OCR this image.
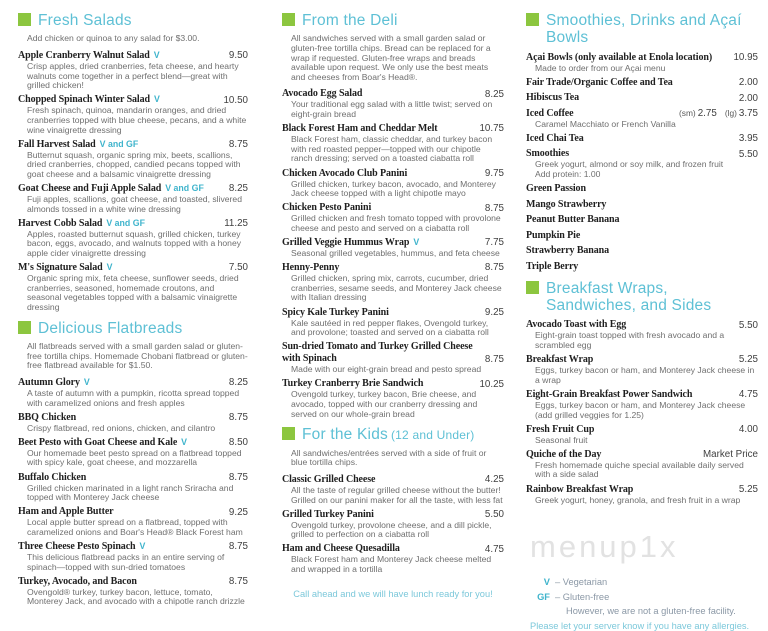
Fresh Salads
Add chicken or quinoa to any salad for $3.00.
Apple Cranberry Walnut Salad V	9.50
Crisp apples, dried cranberries, feta cheese, and hearty walnuts come together in a perfect blend—great with grilled chicken!
Chopped Spinach Winter Salad V	10.50
Fresh spinach, quinoa, mandarin oranges, and dried cranberries topped with blue cheese, pecans, and a white wine vinaigrette dressing
Fall Harvest Salad V and GF	8.75
Butternut squash, organic spring mix, beets, scallions, dried cranberries, chopped, candied pecans topped with goat cheese and a balsamic vinaigrette dressing
Goat Cheese and Fuji Apple Salad V and GF	8.25
Fuji apples, scallions, goat cheese, and toasted, slivered almonds tossed in a white wine dressing
Harvest Cobb Salad V and GF	11.25
Apples, roasted butternut squash, grilled chicken, turkey bacon, eggs, avocado, and walnuts topped with a honey apple cider vinaigrette dressing
M's Signature Salad V	7.50
Organic spring mix, feta cheese, sunflower seeds, dried cranberries, seasoned, homemade croutons, and seasonal vegetables topped with a balsamic vinaigrette dressing
Delicious Flatbreads
All flatbreads served with a small garden salad or gluten-free tortilla chips. Homemade Chobani flatbread or gluten-free flatbread available for $1.50.
Autumn Glory V	8.25
A taste of autumn with a pumpkin, ricotta spread topped with caramelized onions and fresh apples
BBQ Chicken	8.75
Crispy flatbread, red onions, chicken, and cilantro
Beet Pesto with Goat Cheese and Kale V	8.50
Our homemade beet pesto spread on a flatbread topped with spicy kale, goat cheese, and mozzarella
Buffalo Chicken	8.75
Grilled chicken marinated in a light ranch Sriracha and topped with Monterey Jack cheese
Ham and Apple Butter	9.25
Local apple butter spread on a flatbread, topped with caramelized onions and Boar's Head® Black Forest ham
Three Cheese Pesto Spinach V	8.75
This delicious flatbread packs in an entire serving of spinach—topped with sun-dried tomatoes
Turkey, Avocado, and Bacon	8.75
Ovengold® turkey, turkey bacon, lettuce, tomato, Monterey Jack, and avocado with a chipotle ranch drizzle
From the Deli
All sandwiches served with a small garden salad or gluten-free tortilla chips. Bread can be replaced for a wrap if requested. Gluten-free wraps and breads available upon request. We only use the best meats and cheeses from Boar's Head®.
Avocado Egg Salad	8.25
Your traditional egg salad with a little twist; served on eight-grain bread
Black Forest Ham and Cheddar Melt	10.75
Black Forest ham, classic cheddar, and turkey bacon with red roasted pepper—topped with our chipotle ranch dressing; served on a toasted ciabatta roll
Chicken Avocado Club Panini	9.75
Grilled chicken, turkey bacon, avocado, and Monterey Jack cheese topped with a light chipotle mayo
Chicken Pesto Panini	8.75
Grilled chicken and fresh tomato topped with provolone cheese and pesto and served on a ciabatta roll
Grilled Veggie Hummus Wrap V	7.75
Seasonal grilled vegetables, hummus, and feta cheese
Henny-Penny	8.75
Grilled chicken, spring mix, carrots, cucumber, dried cranberries, sesame seeds, and Monterey Jack cheese with Italian dressing
Spicy Kale Turkey Panini	9.25
Kale sautéed in red pepper flakes, Ovengold turkey, and provolone; toasted and served on a ciabatta roll
Sun-dried Tomato and Turkey Grilled Cheese with Spinach	8.75
Made with our eight-grain bread and pesto spread
Turkey Cranberry Brie Sandwich	10.25
Ovengold turkey, turkey bacon, Brie cheese, and avocado, topped with our cranberry dressing and served on our whole-grain bread
For the Kids (12 and Under)
All sandwiches/entrées served with a side of fruit or blue tortilla chips.
Classic Grilled Cheese	4.25
All the taste of regular grilled cheese without the butter! Grilled on our panini maker for all the taste, with less fat
Grilled Turkey Panini	5.50
Ovengold turkey, provolone cheese, and a dill pickle, grilled to perfection on a ciabatta roll
Ham and Cheese Quesadilla	4.75
Black Forest ham and Monterey Jack cheese melted and wrapped in a tortilla
Call ahead and we will have lunch ready for you!
Smoothies, Drinks and Açaí Bowls
Açai Bowls (only available at Enola location) 10.95
Made to order from our Açai menu
Fair Trade/Organic Coffee and Tea	2.00
Hibiscus Tea	2.00
Iced Coffee	(sm) 2.75 (lg) 3.75
Caramel Macchiato or French Vanilla
Iced Chai Tea	3.95
Smoothies	5.50
Greek yogurt, almond or soy milk, and frozen fruit
Add protein: 1.00
Green Passion
Mango Strawberry
Peanut Butter Banana
Pumpkin Pie
Strawberry Banana
Triple Berry
Breakfast Wraps, Sandwiches, and Sides
Avocado Toast with Egg	5.50
Eight-grain toast topped with fresh avocado and a scrambled egg
Breakfast Wrap	5.25
Eggs, turkey bacon or ham, and Monterey Jack cheese in a wrap
Eight-Grain Breakfast Power Sandwich	4.75
Eggs, turkey bacon or ham, and Monterey Jack cheese (add grilled veggies for 1.25)
Fresh Fruit Cup	4.00
Seasonal fruit
Quiche of the Day	Market Price
Fresh homemade quiche special available daily served with a side salad
Rainbow Breakfast Wrap	5.25
Greek yogurt, honey, granola, and fresh fruit in a wrap
menup1x
V – Vegetarian
GF – Gluten-free
However, we are not a gluten-free facility.
Please let your server know if you have any allergies.
